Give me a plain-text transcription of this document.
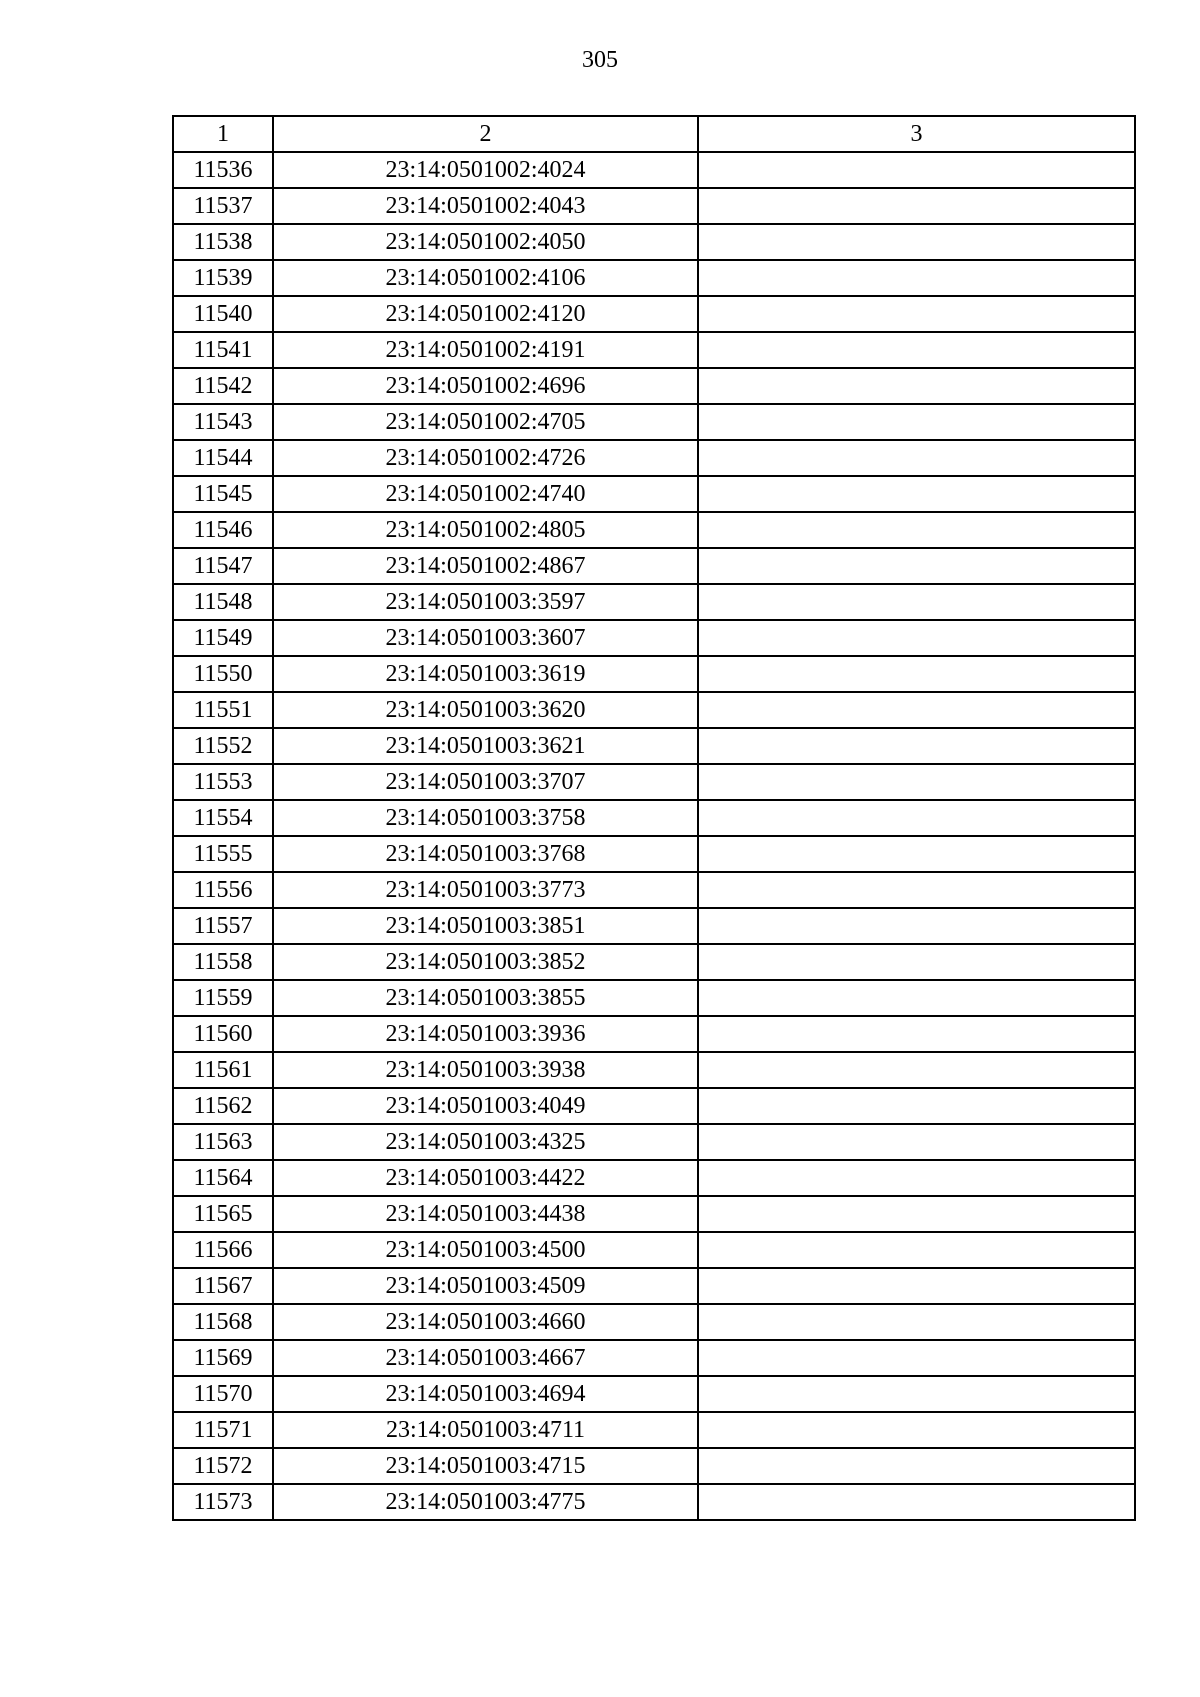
305
1	2	3
11536	23:14:0501002:4024	
11537	23:14:0501002:4043	
11538	23:14:0501002:4050	
11539	23:14:0501002:4106	
11540	23:14:0501002:4120	
11541	23:14:0501002:4191	
11542	23:14:0501002:4696	
11543	23:14:0501002:4705	
11544	23:14:0501002:4726	
11545	23:14:0501002:4740	
11546	23:14:0501002:4805	
11547	23:14:0501002:4867	
11548	23:14:0501003:3597	
11549	23:14:0501003:3607	
11550	23:14:0501003:3619	
11551	23:14:0501003:3620	
11552	23:14:0501003:3621	
11553	23:14:0501003:3707	
11554	23:14:0501003:3758	
11555	23:14:0501003:3768	
11556	23:14:0501003:3773	
11557	23:14:0501003:3851	
11558	23:14:0501003:3852	
11559	23:14:0501003:3855	
11560	23:14:0501003:3936	
11561	23:14:0501003:3938	
11562	23:14:0501003:4049	
11563	23:14:0501003:4325	
11564	23:14:0501003:4422	
11565	23:14:0501003:4438	
11566	23:14:0501003:4500	
11567	23:14:0501003:4509	
11568	23:14:0501003:4660	
11569	23:14:0501003:4667	
11570	23:14:0501003:4694	
11571	23:14:0501003:4711	
11572	23:14:0501003:4715	
11573	23:14:0501003:4775	
